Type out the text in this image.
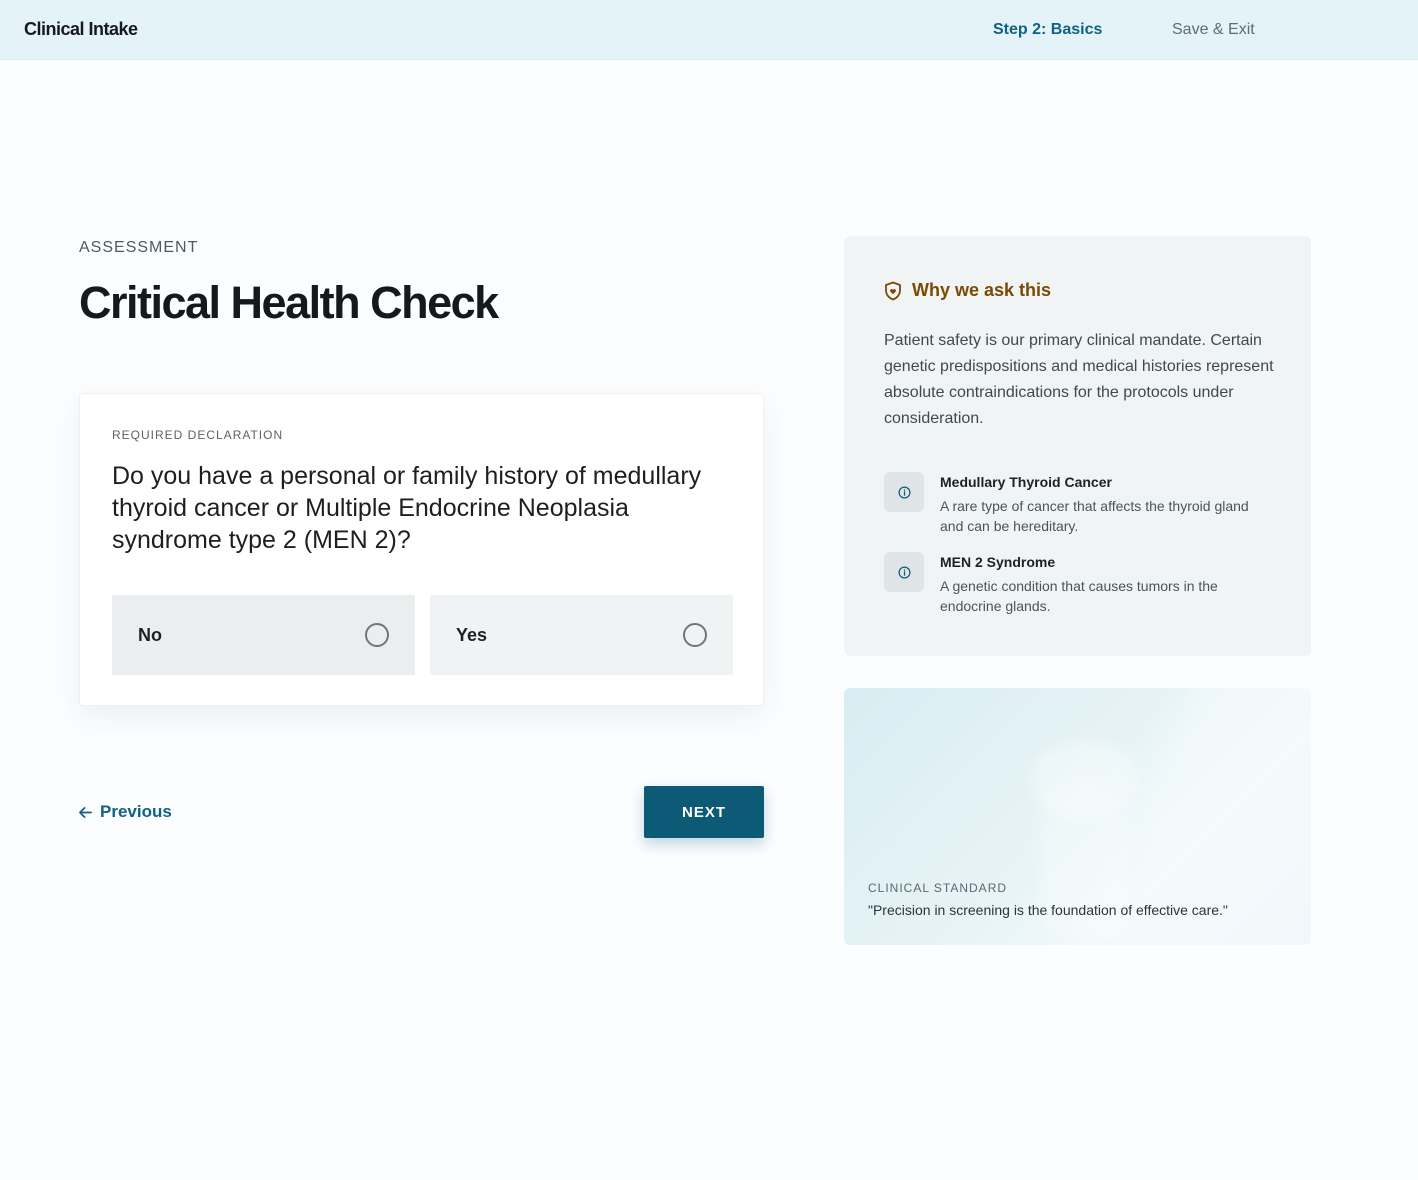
Clinical Intake	Step 2: Basics	Save & Exit
ASSESSMENT
Critical Health Check
REQUIRED DECLARATION
Do you have a personal or family history of medullary thyroid cancer or Multiple Endocrine Neoplasia syndrome type 2 (MEN 2)?
No	Yes
Previous	NEXT
Why we ask this

Patient safety is our primary clinical mandate. Certain genetic predispositions and medical histories represent absolute contraindications for the protocols under consideration.

Medullary Thyroid Cancer
A rare type of cancer that affects the thyroid gland and can be hereditary.
MEN 2 Syndrome
A genetic condition that causes tumors in the endocrine glands.
CLINICAL STANDARD
"Precision in screening is the foundation of effective care."
